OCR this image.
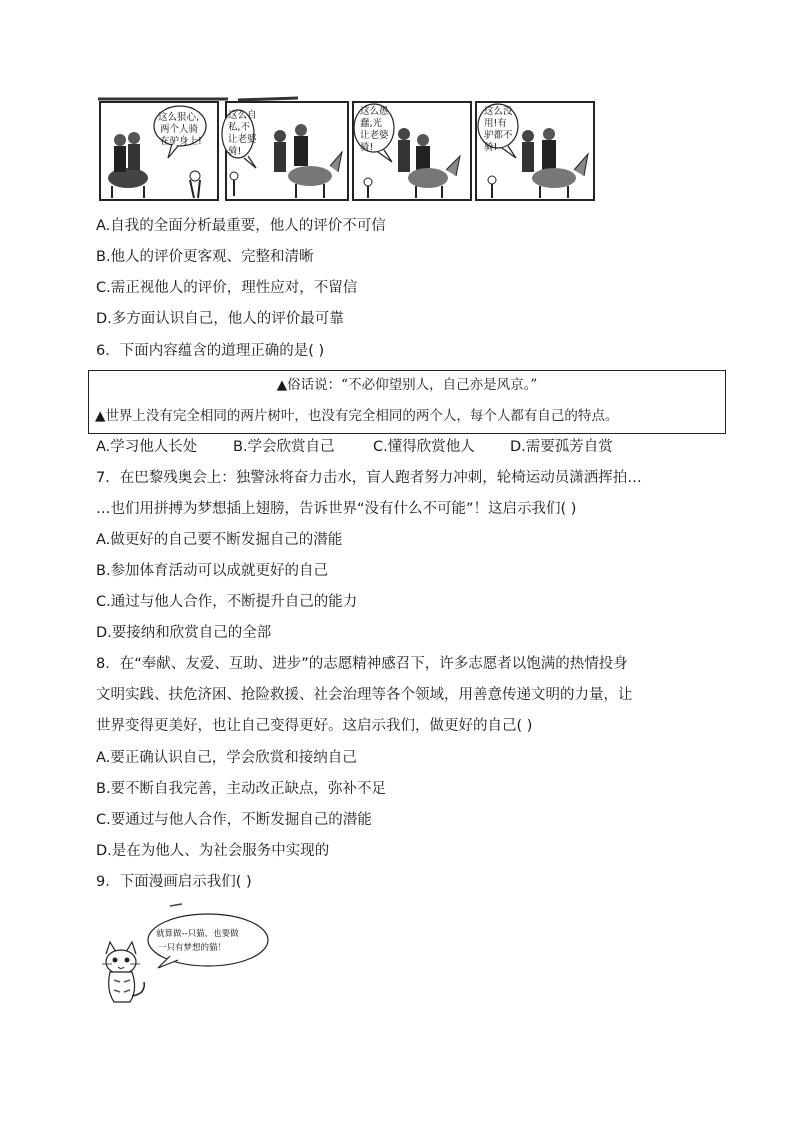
这么狠心,
两个人骑
在驴身上!
这么自
私,不
让老婆
骑!
这么愚
蠢,光
让老婆
骑!
这么没
用!有
驴都不
骑!
A.自我的全面分析最重要，他人的评价不可信
B.他人的评价更客观、完整和清晰
C.需正视他人的评价，理性应对，不留信
D.多方面认识自己，他人的评价最可靠
6．下面内容蕴含的道理正确的是( )
▲俗话说：“不必仰望别人，自己亦是风京。”
▲世界上没有完全相同的两片树叶，也没有完全相同的两个人，每个人都有自己的特点。
A.学习他人长处 B.学会欣赏自己	C.懂得欣赏他人 D.需要孤芳自赏
7．在巴黎残奥会上：独警泳将奋力击水，盲人跑者努力冲刺，轮椅运动员潇洒挥拍…
…也们用拼搏为梦想插上翅膀，告诉世界“没有什么不可能”！这启示我们( )
A.做更好的自己要不断发掘自己的潜能
B.参加体育活动可以成就更好的自己
C.通过与他人合作，不断提升自己的能力
D.要接纳和欣赏自己的全部
8．在“奉献、友爱、互助、进步”的志愿精神感召下，许多志愿者以饱满的热情投身
文明实践、扶危济困、抢险救援、社会治理等各个领域，用善意传递文明的力量，让
世界变得更美好，也让自己变得更好。这启示我们，做更好的自己( )
A.要正确认识自己，学会欣赏和接纳自己
B.要不断自我完善，主动改正缺点，弥补不足
C.要通过与他人合作，不断发掘自己的潜能
D.是在为他人、为社会服务中实现的
9．下面漫画启示我们( )
就算做--只猫，也要做
一只有梦想的猫！
